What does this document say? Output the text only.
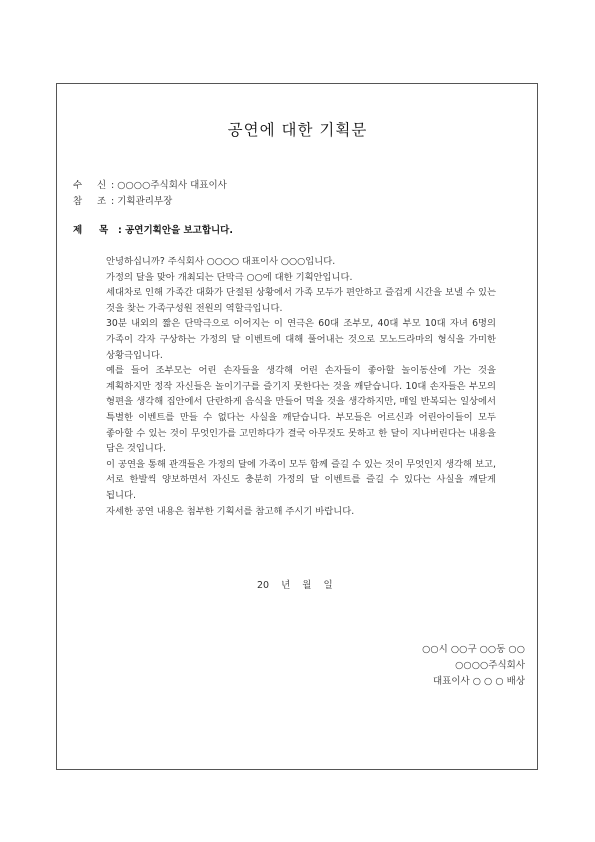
공연에 대한 기획문
수 신 : ○○○○주식회사 대표이사
참 조 : 기획관리부장
제 목 : 공연기획안을 보고합니다.

안녕하십니까? 주식회사 ○○○○ 대표이사 ○○○입니다.

가정의 달을 맞아 개최되는 단막극 ○○에 대한 기획안입니다.

세대차로 인해 가족간 대화가 단절된 상황에서 가족 모두가 편안하고 즐겁게 시간을 보낼 수 있는 것을 찾는 가족구성원 전원의 역할극입니다.

30분 내외의 짧은 단막극으로 이어지는 이 연극은 60대 조부모, 40대 부모 10대 자녀 6명의 가족이 각자 구상하는 가정의 달 이벤트에 대해 풀어내는 것으로 모노드라마의 형식을 가미한 상황극입니다.

예를 들어 조부모는 어린 손자들을 생각해 어린 손자들이 좋아할 놀이동산에 가는 것을 계획하지만 정작 자신들은 놀이기구를 즐기지 못한다는 것을 깨닫습니다. 10대 손자들은 부모의 형편을 생각해 집안에서 단란하게 음식을 만들어 먹을 것을 생각하지만, 매일 반복되는 일상에서 특별한 이벤트를 만들 수 없다는 사실을 깨닫습니다. 부모들은 어르신과 어린아이들이 모두 좋아할 수 있는 것이 무엇인가를 고민하다가 결국 아무것도 못하고 한 달이 지나버린다는 내용을 담은 것입니다.

이 공연을 통해 관객들은 가정의 달에 가족이 모두 함께 즐길 수 있는 것이 무엇인지 생각해 보고, 서로 한발씩 양보하면서 자신도 충분히 가정의 달 이벤트를 즐길 수 있다는 사실을 깨닫게 됩니다.

자세한 공연 내용은 첨부한 기획서를 참고해 주시기 바랍니다.

20 년 월 일
○○시 ○○구 ○○동 ○○
○○○○주식회사
대표이사 ○ ○ ○ 배상
